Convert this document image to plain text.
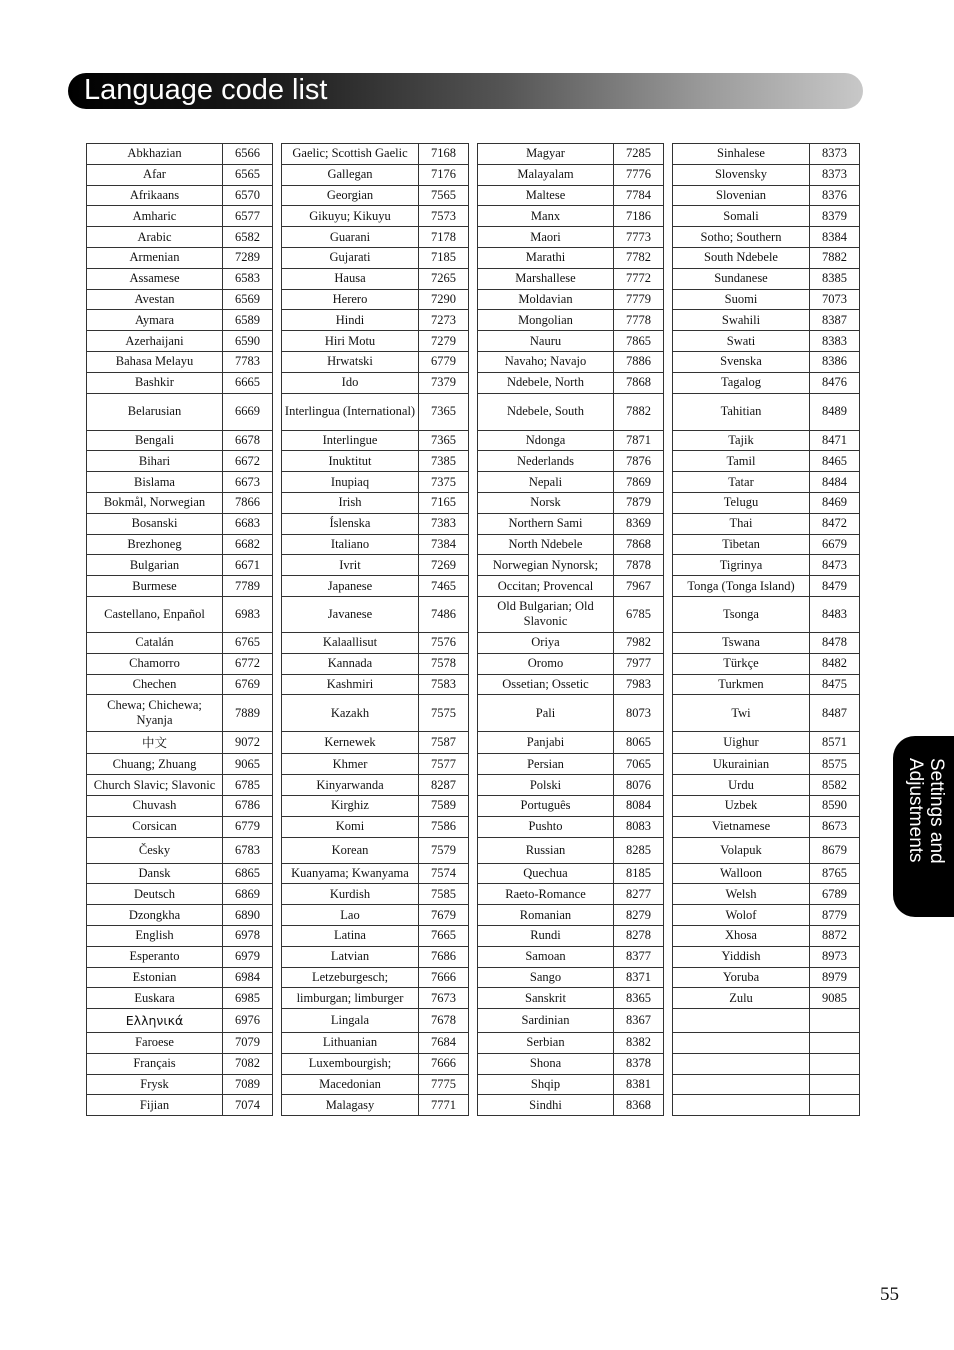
Language code list
Abkhazian	6566
Afar	6565
Afrikaans	6570
Amharic	6577
Arabic	6582
Armenian	7289
Assamese	6583
Avestan	6569
Aymara	6589
Azerhaijani	6590
Bahasa Melayu	7783
Bashkir	6665
Belarusian	6669
Bengali	6678
Bihari	6672
Bislama	6673
Bokmål, Norwegian	7866
Bosanski	6683
Brezhoneg	6682
Bulgarian	6671
Burmese	7789
Castellano, Enpañol	6983
Catalán	6765
Chamorro	6772
Chechen	6769
Chewa; Chichewa; Nyanja
7889
中文	9072
Chuang; Zhuang	9065
Church Slavic; Slavonic	6785
Chuvash	6786
Corsican	6779
Česky	6783
Dansk	6865
Deutsch	6869
Dzongkha	6890
English	6978
Esperanto	6979
Estonian	6984
Euskara	6985
Ελληνικά	6976
Faroese	7079
Français	7082
Frysk	7089
Fijian	7074
Gaelic; Scottish Gaelic	7168
Gallegan	7176
Georgian	7565
Gikuyu; Kikuyu	7573
Guarani	7178
Gujarati	7185
Hausa	7265
Herero	7290
Hindi	7273
Hiri Motu	7279
Hrwatski	6779
Ido	7379
Interlingua (International)	7365
Interlingue	7365
Inuktitut	7385
Inupiaq	7375
Irish	7165
Íslenska	7383
Italiano	7384
Ivrit	7269
Japanese	7465
Javanese	7486
Kalaallisut	7576
Kannada	7578
Kashmiri	7583
Kazakh	7575
Kernewek	7587
Khmer	7577
Kinyarwanda	8287
Kirghiz	7589
Komi	7586
Korean	7579
Kuanyama; Kwanyama	7574
Kurdish	7585
Lao	7679
Latina	7665
Latvian	7686
Letzeburgesch;	7666
limburgan; limburger	7673
Lingala	7678
Lithuanian	7684
Luxembourgish;	7666
Macedonian	7775
Malagasy	7771
Magyar	7285
Malayalam	7776
Maltese	7784
Manx	7186
Maori	7773
Marathi	7782
Marshallese	7772
Moldavian	7779
Mongolian	7778
Nauru	7865
Navaho; Navajo	7886
Ndebele, North	7868
Ndebele, South	7882
Ndonga	7871
Nederlands	7876
Nepali	7869
Norsk	7879
Northern Sami	8369
North Ndebele	7868
Norwegian Nynorsk;	7878
Occitan; Provencal	7967
Old Bulgarian; Old Slavonic
6785
Oriya	7982
Oromo	7977
Ossetian; Ossetic	7983
Pali	8073
Panjabi	8065
Persian	7065
Polski	8076
Português	8084
Pushto	8083
Russian	8285
Quechua	8185
Raeto-Romance	8277
Romanian	8279
Rundi	8278
Samoan	8377
Sango	8371
Sanskrit	8365
Sardinian	8367
Serbian	8382
Shona	8378
Shqip	8381
Sindhi	8368
Sinhalese	8373
Slovensky	8373
Slovenian	8376
Somali	8379
Sotho; Southern	8384
South Ndebele	7882
Sundanese	8385
Suomi	7073
Swahili	8387
Swati	8383
Svenska	8386
Tagalog	8476
Tahitian	8489
Tajik	8471
Tamil	8465
Tatar	8484
Telugu	8469
Thai	8472
Tibetan	6679
Tigrinya	8473
Tonga (Tonga Island)	8479
Tsonga	8483
Tswana	8478
Türkçe	8482
Turkmen	8475
Twi	8487
Uighur	8571
Ukurainian	8575
Urdu	8582
Uzbek	8590
Vietnamese	8673
Volapuk	8679
Walloon	8765
Welsh	6789
Wolof	8779
Xhosa	8872
Yiddish	8973
Yoruba	8979
Zulu	9085
Settings and Adjustments
55
